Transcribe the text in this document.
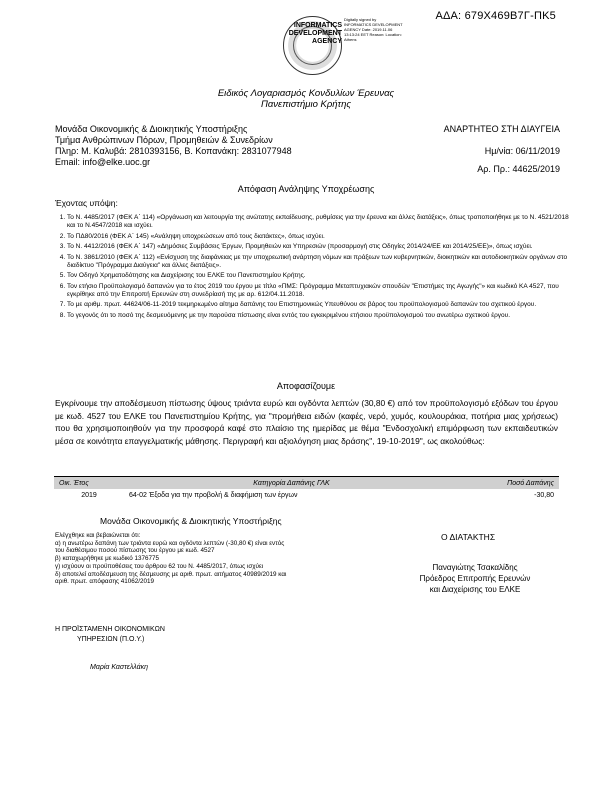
ΑΔΑ: 679Χ469Β7Γ-ΠΚ5
INFORMATICS
DEVELOPMENT
AGENCY
Digitally signed by INFORMATICS DEVELOPMENT AGENCY Date: 2019.11.06 13:13:24 EET Reason: Location: Athens
Ειδικός Λογαριασμός Κονδυλίων Έρευνας
Πανεπιστήμιο Κρήτης
Μονάδα Οικονομικής & Διοικητικής Υποστήριξης
Τμήμα Ανθρώπινων Πόρων, Προμηθειών & Συνεδρίων
Πληρ: Μ. Καλυβά: 2810393156, Β. Κοπανάκη: 2831077948
Email: info@elke.uoc.gr
ΑΝΑΡΤΗΤΕΟ ΣΤΗ ΔΙΑΥΓΕΙΑ
Ημ/νία: 06/11/2019
Αρ. Πρ.: 44625/2019
Απόφαση Ανάληψης Υποχρέωσης
Έχοντας υπόψη:
1. Το Ν. 4485/2017 (ΦΕΚ Α΄ 114) «Οργάνωση και λειτουργία της ανώτατης εκπαίδευσης, ρυθμίσεις για την έρευνα και άλλες διατάξεις», όπως τροποποιήθηκε με το Ν. 4521/2018 και το Ν.4547/2018 και ισχύει.
2. Το ΠΔ80/2016 (ΦΕΚ Α΄ 145) «Ανάληψη υποχρεώσεων από τους διατάκτες», όπως ισχύει.
3. Το Ν. 4412/2016 (ΦΕΚ Α΄ 147) «Δημόσιες Συμβάσεις Έργων, Προμηθειών και Υπηρεσιών (προσαρμογή στις Οδηγίες 2014/24/ΕΕ και 2014/25/ΕΕ)», όπως ισχύει.
4. Το Ν. 3861/2010 (ΦΕΚ Α΄ 112) «Ενίσχυση της διαφάνειας με την υποχρεωτική ανάρτηση νόμων και πράξεων των κυβερνητικών, διοικητικών και αυτοδιοικητικών οργάνων στο διαδίκτυο "Πρόγραμμα Διαύγεια" και άλλες διατάξεις».
5. Τον Οδηγό Χρηματοδότησης και Διαχείρισης του ΕΛΚΕ του Πανεπιστημίου Κρήτης.
6. Τον ετήσιο Προϋπολογισμό δαπανών για το έτος 2019 του έργου με τίτλο «ΠΜΣ: Πρόγραμμα Μεταπτυχιακών σπουδών "Επιστήμες της Αγωγής"» και κωδικό ΚΑ 4527, που εγκρίθηκε από την Επιτροπή Ερευνών στη συνεδρίασή της με αρ. 612/04.11.2018.
7. Το με αριθμ. πρωτ. 44624/06-11-2019 τεκμηριωμένο αίτημα δαπάνης του Επιστημονικώς Υπευθύνου σε βάρος του προϋπολογισμού δαπανών του σχετικού έργου.
8. Το γεγονός ότι το ποσό της δεσμευόμενης με την παρούσα πίστωσης είναι εντός του εγκεκριμένου ετήσιου προϋπολογισμού του ανωτέρω σχετικού έργου.
Αποφασίζουμε
Εγκρίνουμε την αποδέσμευση πίστωσης ύψους τριάντα ευρώ και ογδόντα λεπτών (30,80 €) από τον προϋπολογισμό εξόδων του έργου με κωδ. 4527 του ΕΛΚΕ του Πανεπιστημίου Κρήτης, για "προμήθεια ειδών (καφές, νερό, χυμός, κουλουράκια, ποτήρια μιας χρήσεως) που θα χρησιμοποιηθούν για την προσφορά καφέ στο πλαίσιο της ημερίδας με θέμα "Ενδοσχολική επιμόρφωση των εκπαιδευτικών μέσα σε κοινότητα επαγγελματικής μάθησης. Περιγραφή και αξιολόγηση μιας δράσης", 19-10-2019", ως ακολούθως:
Οικ. Έτος	Κατηγορία Δαπάνης ΓΛΚ	Ποσό Δαπάνης
2019	64-02 Έξοδα για την προβολή & διαφήμιση των έργων	-30,80
Μονάδα Οικονομικής & Διοικητικής Υποστήριξης
Ελέγχθηκε και βεβαιώνεται ότι:
α) η ανωτέρω δαπάνη των τριάντα ευρώ και ογδόντα λεπτών (-30,80 €) είναι εντός του διαθέσιμου ποσού πίστωσης του έργου με κωδ. 4527
β) καταχωρήθηκε με κωδικό 1376775
γ) ισχύουν οι προϋποθέσεις του άρθρου 62 του Ν. 4485/2017, όπως ισχύει
δ) αποτελεί αποδέσμευση της δέσμευσης με αριθ. πρωτ. αιτήματος 40989/2019 και αριθ. πρωτ. απόφασης 41062/2019
Ο ΔΙΑΤΑΚΤΗΣ
Παναγιώτης Τσακαλίδης
Πρόεδρος Επιτροπής Ερευνών
και Διαχείρισης του ΕΛΚΕ
Η ΠΡΟΪΣΤΑΜΕΝΗ ΟΙΚΟΝΟΜΙΚΩΝ
ΥΠΗΡΕΣΙΩΝ (Π.Ο.Υ.)
Μαρία Καστελλάκη
